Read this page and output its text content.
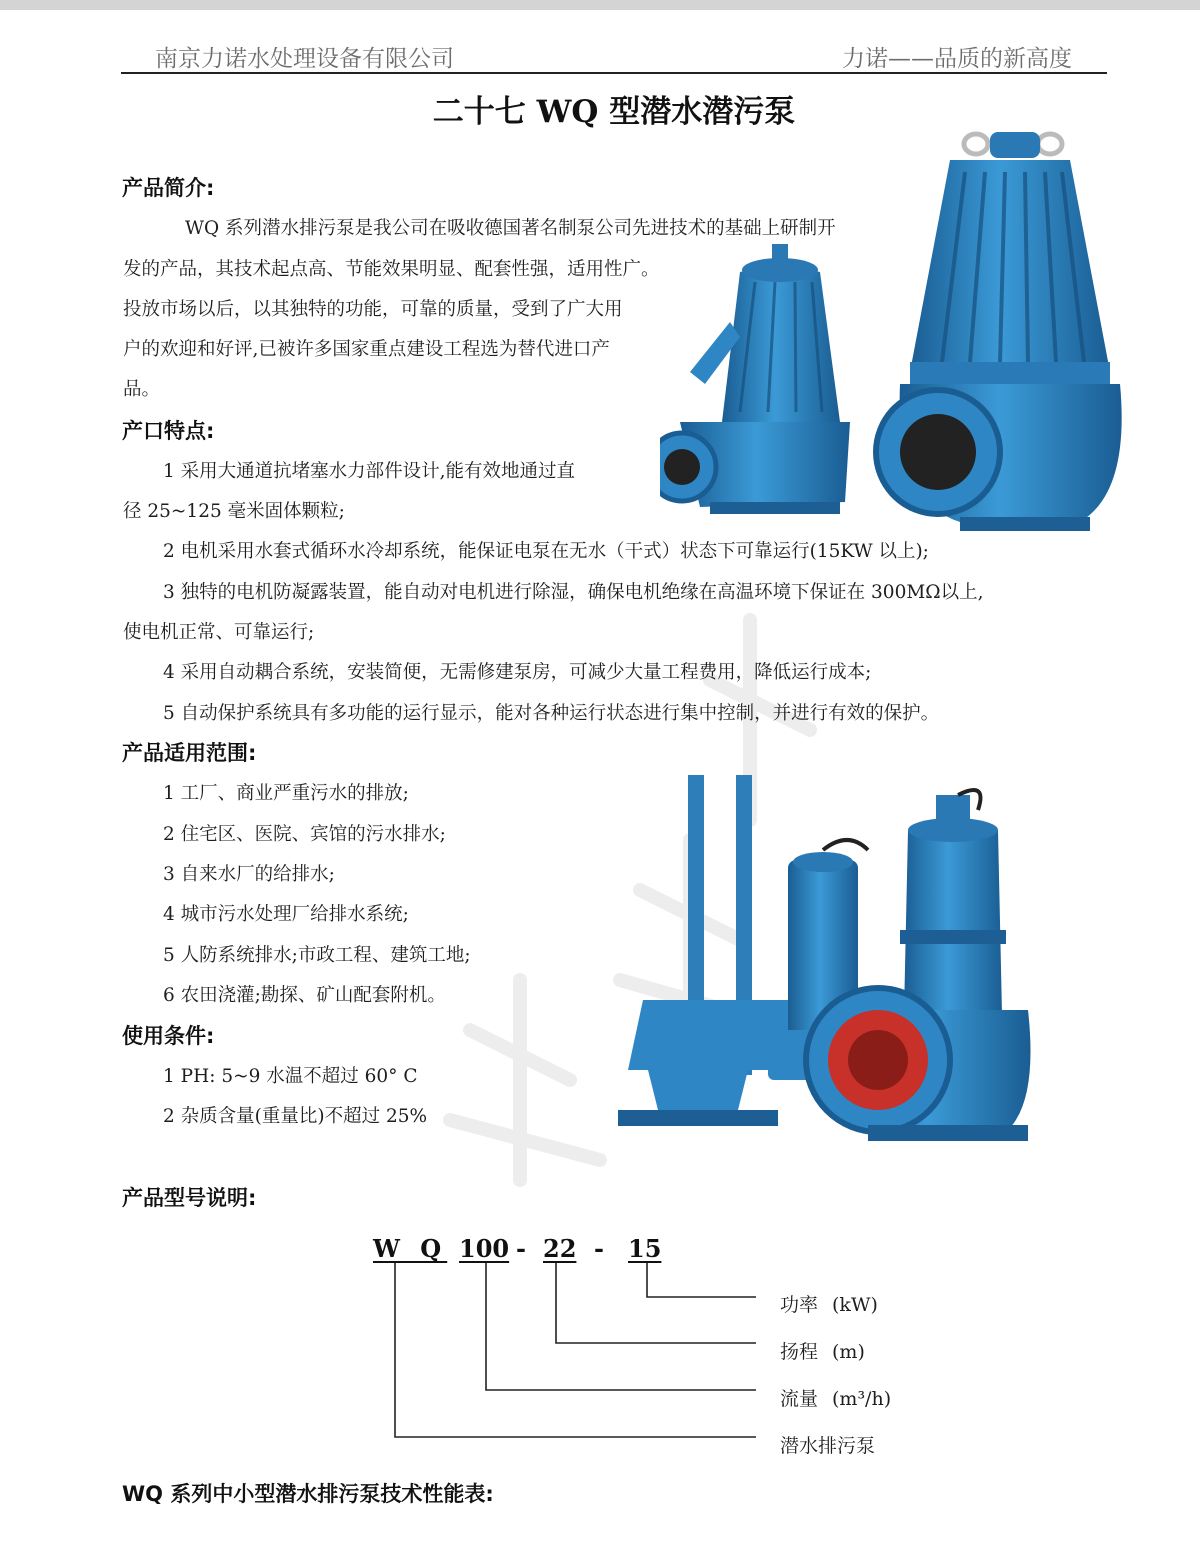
南京力诺水处理设备有限公司	力诺——品质的新高度
二十七 WQ 型潜水潜污泵
产品简介:
WQ 系列潜水排污泵是我公司在吸收德国著名制泵公司先进技术的基础上研制开
发的产品，其技术起点高、节能效果明显、配套性强，适用性广。
投放市场以后，以其独特的功能，可靠的质量，受到了广大用
户的欢迎和好评,已被许多国家重点建设工程选为替代进口产
品。
产口特点:
1 采用大通道抗堵塞水力部件设计,能有效地通过直
径 25~125 毫米固体颗粒;
2 电机采用水套式循环水冷却系统，能保证电泵在无水（干式）状态下可靠运行(15KW 以上);
3 独特的电机防凝露装置，能自动对电机进行除湿，确保电机绝缘在高温环境下保证在 300MΩ以上,
使电机正常、可靠运行;
4 采用自动耦合系统，安装简便，无需修建泵房，可减少大量工程费用，降低运行成本;
5 自动保护系统具有多功能的运行显示，能对各种运行状态进行集中控制，并进行有效的保护。
产品适用范围:
1 工厂、商业严重污水的排放;
2 住宅区、医院、宾馆的污水排水;
3 自来水厂的给排水;
4 城市污水处理厂给排水系统;
5 人防系统排水;市政工程、建筑工地;
6 农田浇灌;勘探、矿山配套附机。
使用条件:
1 PH: 5~9 水温不超过 60° C
2 杂质含量(重量比)不超过 25%
产品型号说明:
W Q 100 - 22 - 15
功率 (kW)
扬程 (m)
流量 (m³/h)
潜水排污泵
WQ 系列中小型潜水排污泵技术性能表:
